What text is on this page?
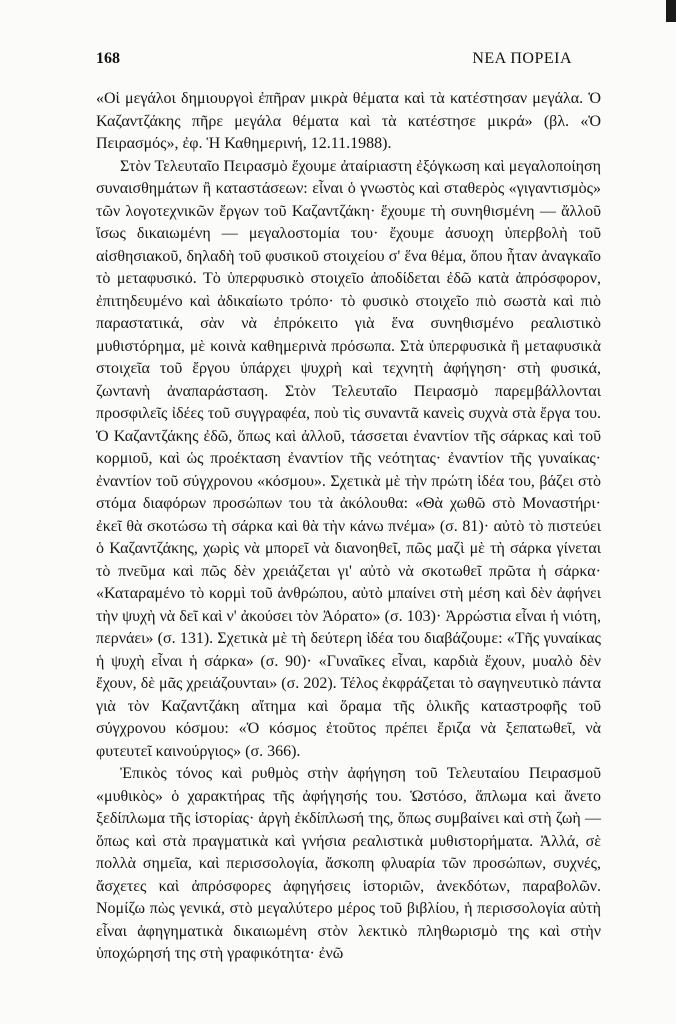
168	ΝΕΑ ΠΟΡΕΙΑ

«Οἱ μεγάλοι δημιουργοὶ ἐπῆραν μικρὰ θέματα καὶ τὰ κατέστησαν μεγάλα. Ὁ Καζαντζάκης πῆρε μεγάλα θέματα καὶ τὰ κατέστησε μικρά» (βλ. «Ὁ Πειρασμός», ἐφ. Ἡ Καθημερινή, 12.11.1988).

Στὸν Τελευταῖο Πειρασμὸ ἔχουμε ἀταίριαστη ἐξόγκωση καὶ μεγαλοποίηση συναισθημάτων ἢ καταστάσεων: εἶναι ὁ γνωστὸς καὶ σταθερὸς «γιγαντισμὸς» τῶν λογοτεχνικῶν ἔργων τοῦ Καζαντζάκη· ἔχουμε τὴ συνηθισμένη — ἄλλοῦ ἴσως δικαιωμένη — μεγαλοστομία του· ἔχουμε ἀσυοχη ὑπερβολὴ τοῦ αἰσθησιακοῦ, δηλαδὴ τοῦ φυσικοῦ στοιχείου σ' ἕνα θέμα, ὅπου ἦταν ἀναγκαῖο τὸ μεταφυσικό. Τὸ ὑπερφυσικὸ στοιχεῖο ἀποδίδεται ἐδῶ κατὰ ἀπρόσφορον, ἐπιτηδευμένο καὶ ἀδικαίωτο τρόπο· τὸ φυσικὸ στοιχεῖο πιὸ σωστὰ καὶ πιὸ παραστατικά, σὰν νὰ ἐπρόκειτο γιὰ ἕνα συνηθισμένο ρεαλιστικὸ μυθιστόρημα, μὲ κοινὰ καθημερινὰ πρόσωπα. Στὰ ὑπερφυσικὰ ἢ μεταφυσικὰ στοιχεῖα τοῦ ἔργου ὑπάρχει ψυχρὴ καὶ τεχνητὴ ἀφήγηση· στὴ φυσικά, ζωντανὴ ἀναπαράσταση. Στὸν Τελευταῖο Πειρασμὸ παρεμβάλλονται προσφιλεῖς ἰδέες τοῦ συγγραφέα, ποὺ τὶς συναντᾶ κανεὶς συχνὰ στὰ ἔργα του. Ὁ Καζαντζάκης ἐδῶ, ὅπως καὶ ἀλλοῦ, τάσσεται ἐναντίον τῆς σάρκας καὶ τοῦ κορμιοῦ, καὶ ὡς προέκταση ἐναντίον τῆς νεότητας· ἐναντίον τῆς γυναίκας· ἐναντίον τοῦ σύγχρονου «κόσμου». Σχετικὰ μὲ τὴν πρώτη ἰδέα του, βάζει στὸ στόμα διαφόρων προσώπων του τὰ ἀκόλουθα: «Θὰ χωθῶ στὸ Μοναστήρι· ἐκεῖ θὰ σκοτώσω τὴ σάρκα καὶ θὰ τὴν κάνω πνέμα» (σ. 81)· αὐτὸ τὸ πιστεύει ὁ Καζαντζάκης, χωρὶς νὰ μπορεῖ νὰ διανοηθεῖ, πῶς μαζὶ μὲ τὴ σάρκα γίνεται τὸ πνεῦμα καὶ πῶς δὲν χρειάζεται γι' αὐτὸ νὰ σκοτωθεῖ πρῶτα ἡ σάρκα· «Καταραμένο τὸ κορμὶ τοῦ ἀνθρώπου, αὐτὸ μπαίνει στὴ μέση καὶ δὲν ἀφήνει τὴν ψυχὴ νὰ δεῖ καὶ ν' ἀκούσει τὸν Ἀόρατο» (σ. 103)· Ἀρρώστια εἶναι ἡ νιότη, περνάει» (σ. 131). Σχετικὰ μὲ τὴ δεύτερη ἰδέα του διαβάζουμε: «Τῆς γυναίκας ἡ ψυχὴ εἶναι ἡ σάρκα» (σ. 90)· «Γυναῖκες εἶναι, καρδιὰ ἔχουν, μυαλὸ δὲν ἔχουν, δὲ μᾶς χρειάζουνται» (σ. 202). Τέλος ἐκφράζεται τὸ σαγηνευτικὸ πάντα γιὰ τὸν Καζαντζάκη αἴτημα καὶ ὅραμα τῆς ὁλικῆς καταστροφῆς τοῦ σύγχρονου κόσμου: «Ὁ κόσμος ἐτοῦτος πρέπει ἔριζα νὰ ξεπατωθεῖ, νὰ φυτευτεῖ καινούργιος» (σ. 366).

Ἐπικὸς τόνος καὶ ρυθμὸς στὴν ἀφήγηση τοῦ Τελευταίου Πειρασμοῦ «μυθικὸς» ὁ χαρακτήρας τῆς ἀφήγησής του. Ὡστόσο, ἅπλωμα καὶ ἄνετο ξεδίπλωμα τῆς ἱστορίας· ἀργὴ ἐκδίπλωσή της, ὅπως συμβαίνει καὶ στὴ ζωὴ — ὅπως καὶ στὰ πραγματικὰ καὶ γνήσια ρεαλιστικὰ μυθιστορήματα. Ἀλλά, σὲ πολλὰ σημεῖα, καὶ περισσολογία, ἄσκοπη φλυαρία τῶν προσώπων, συχνές, ἄσχετες καὶ ἀπρόσφορες ἀφηγήσεις ἱστοριῶν, ἀνεκδότων, παραβολῶν. Νομίζω πὼς γενικά, στὸ μεγαλύτερο μέρος τοῦ βιβλίου, ἡ περισσολογία αὐτὴ εἶναι ἀφηγηματικὰ δικαιωμένη στὸν λεκτικὸ πληθωρισμὸ της καὶ στὴν ὑποχώρησή της στὴ γραφικότητα· ἐνῶ
